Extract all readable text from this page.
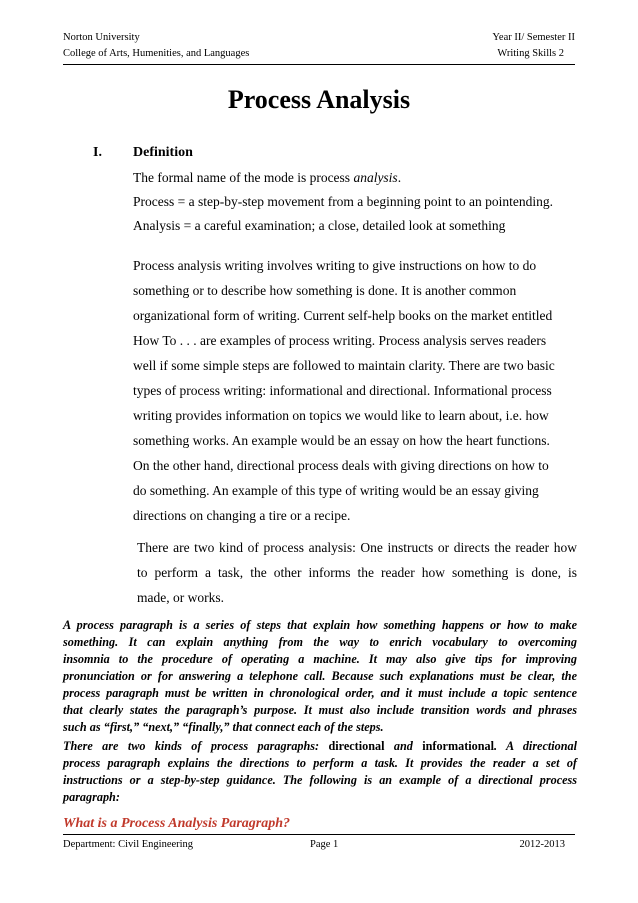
Norton University
College of Arts, Humenities, and Languages
Year II/ Semester II
Writing Skills 2
Process Analysis
I. Definition
The formal name of the mode is process analysis.
Process = a step-by-step movement from a beginning point to an pointending.
Analysis = a careful examination; a close, detailed look at something

Process analysis writing involves writing to give instructions on how to do
something or to describe how something is done. It is another common
organizational form of writing. Current self-help books on the market entitled
How To . . . are examples of process writing. Process analysis serves readers
well if some simple steps are followed to maintain clarity. There are two basic
types of process writing: informational and directional. Informational process
writing provides information on topics we would like to learn about, i.e. how
something works. An example would be an essay on how the heart functions.
On the other hand, directional process deals with giving directions on how to
do something. An example of this type of writing would be an essay giving
directions on changing a tire or a recipe.

There are two kind of process analysis: One instructs or directs the reader how
to perform a task, the other informs the reader how something is done, is
made, or works.

A process paragraph is a series of steps that explain how something happens or how to make
something. It can explain anything from the way to enrich vocabulary to overcoming
insomnia to the procedure of operating a machine. It may also give tips for improving
pronunciation or for answering a telephone call. Because such explanations must be clear, the
process paragraph must be written in chronological order, and it must include a topic sentence
that clearly states the paragraph’s purpose. It must also include transition words and phrases
such as “first,” “next,” “finally,” that connect each of the steps.

There are two kinds of process paragraphs: directional and informational. A directional
process paragraph explains the directions to perform a task. It provides the reader a set of
instructions or a step-by-step guidance. The following is an example of a directional process
paragraph:

What is a Process Analysis Paragraph?
Department: Civil Engineering	Page 1	2012-2013
